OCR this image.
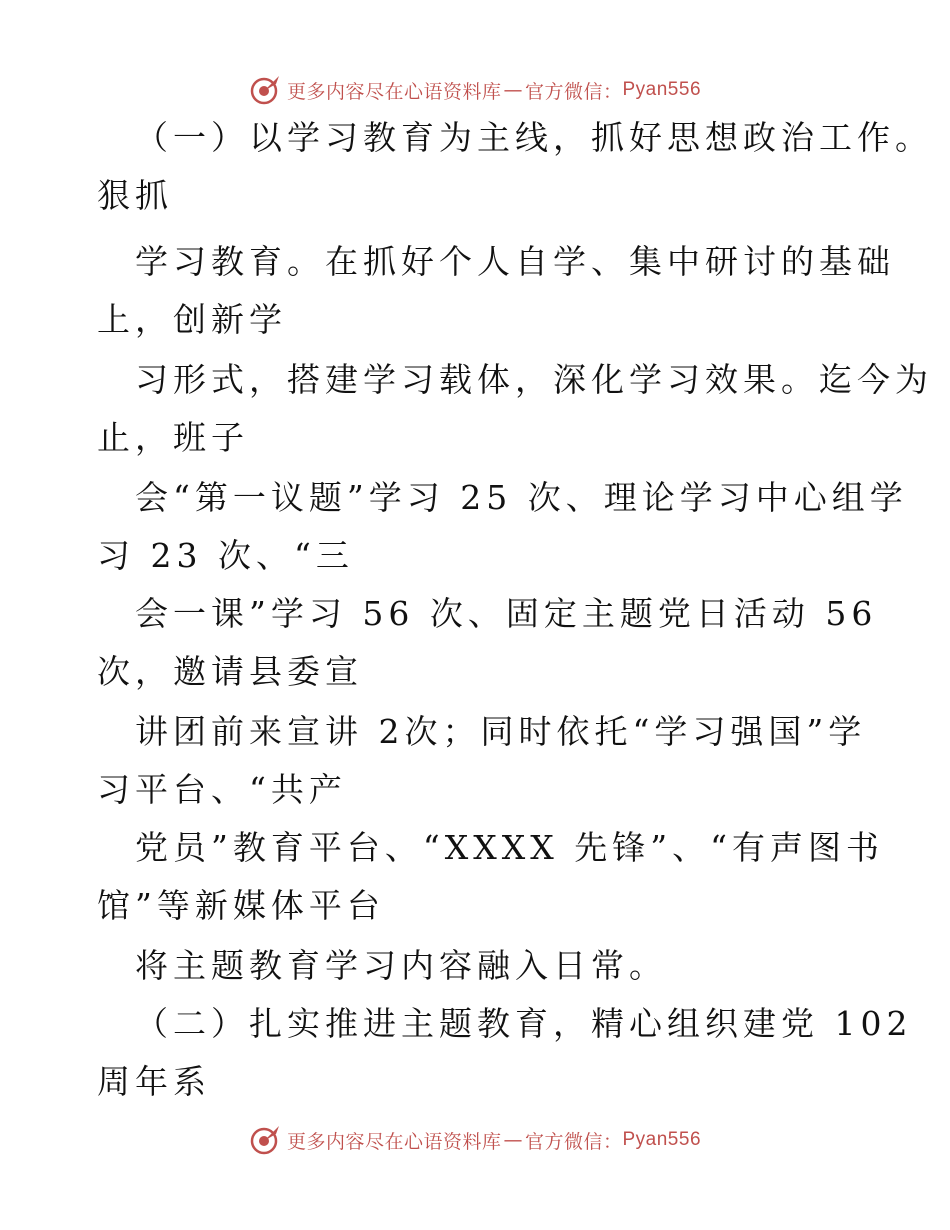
更多内容尽在心语资料库 — 官方微信： Pyan556
（一）以学习教育为主线，抓好思想政治工作。
狠抓
学习教育。在抓好个人自学、集中研讨的基础
上，创新学
习形式，搭建学习载体，深化学习效果。迄今为
止，班子
会“第一议题”学习 25 次、理论学习中心组学
习 23 次、“三
会一课”学习 56 次、固定主题党日活动 56
次，邀请县委宣
讲团前来宣讲 2次；同时依托“学习强国”学
习平台、“共产
党员”教育平台、“XXXX 先锋”、“有声图书
馆”等新媒体平台
将主题教育学习内容融入日常。
（二）扎实推进主题教育，精心组织建党 102
周年系
更多内容尽在心语资料库 — 官方微信： Pyan556
